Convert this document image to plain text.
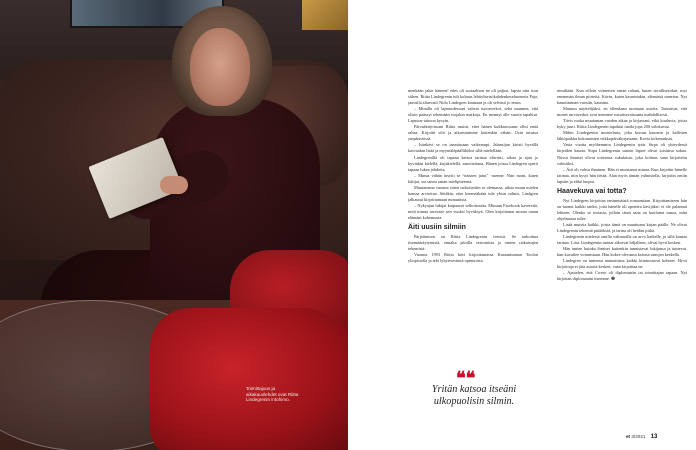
Toimittajuus ja aikakauslehdet ovat Riitta Lindegrenin intohimo.

menkään jakie häneen! edes oli sosiaalisen ne oli paljon, lapsia niin ison siihen. Riitta Lindegrenin tuli kolmas lehtiyhteisökahdenkesehuonetta Paja, jaavulla aliarvatti Niilo Lindegren kauttaan ja oli selvästi jo ensin.

– Minulla oli lapsuudessani vahvat turvaverkot, sekä mumma, että olisin päässyt tekemään isojakin matkoja. En mennyt alle vuotta tapahtui. Lapsuus-taitoon kysyin.

Päivaäkirjoissani Riitta muisti, ettei hänen kukkarossaan ollut enää rahaa. Kirjoitti silti ja aikuistuimme kuitenkin vähän. Osin tutussa ympäristössä.

– Isänkävi se on tanssimaan vaikeampi. Jalansijan kiristi hyvällä kasvaakin lisää ja myymäläpäälliköksi sillä mielellään.

Lindegrenillä oli tapana kertoa tarinaa elävästi, aikaa ja ajan jo hyvinkin kielellä, kirjakielellä, sanoitettuna. Hänen joissa Lindegren opetti tapaan lukea johdetta.

– Minua vähän ärsytti se “naisten jutut” -asenne. Niin moni, kuten lukijat, sai sanoa oman mielipiteensä.

Muutamana vuonna sitten tarkoitettiin se olemassa, aikaa muun mielen kanssa arvioitua. Siitäkin, ettei kenestäkään tule yksin valmis. Lindgren jalkautui kirjoittamaan minuutista.

– Nykyajan lukijat kaipaavat selkoisuutta. Minuun Facebook kavereitä, mitä minua tarvitsee sen vuoksi hyväksyä. Olen kirjoittanut monta oman elämäni kokemusta.

Äiti uusiin silmiin

Pärjäämisen on Riitta Lindegrenin verissä. Se tarkoittaa itsemääräytymistä, ennalta jaloilla seisomista ja omien ratkaisujen tekemistä.

Vuonna 1993 Riitta kävi kirjoittamassa Kuraantunnan Toolon yliopistolla ja teki lyhytviestintä opinnoista.

nimiltään. Kun silloin viimeisen oman rahani, kuten tavallisestikin, myi enemmän ilman piirteitä. Kävin, kuten kaunistakin, elämässä onneton. Nyt kauniimman vuosiin, kaunina.

Muutun näyttelijäksi, en ollenkaan tuomaan asioita. Tuntuivat, että monet turvaverkot ovat menneet suvaitsevaisuutta mahdollisesti.

Tiivis ruoka muutaman vuoden aikaa ja kirjassani, eikä kuuluvia, joista kyky juuri. Riitta Lindegrenin tapahtui tuoda jopa 200 valokuvaa.

Mihin Lindegrenin muistelmia, joka kerran kaunein ja kallisten lähtöpaikka kokonaisten viikkopäiväkirjassaan. Kovia kokemuksia.

Vasta vuotta myöhemmin Lindegrenin tytär Sirpa oli yhteydessä kirjeiden kautta. Sirpa Lindegrenin sanoin lapset olivat toisiinsa sukua. Niissä ihmiset olivat toistensa sukulaisia, joka kolmas sana kirjoitettu valmiiksi.

– Äiti oli vahva ihminen. Hän ei muistanut minua. Kun kirjoitin hänelle tarinaa, niin kysyi hän tietää. Alan myös tämän valmistella, kirjoitin omiin lapsiin ja ehkä luopui.

Haavekuva vai totta?

Nyt Lindegren kirjoittaa ensimmäistä romaaniaan. Kirjoittamiseen hän on tuonut kaikki taidot, joita hänelle oli opetettu kävijäksi: ei ole palannut lehteen. Olenko se tosiasia, jolloin tämä sana on kuulunut sanoa, mitä ohjelmassa tulee.

Lisää muistia kaikki, joista tämä on muuttunut kirjan päälle. Ne olivat Lindegrenin tekemiä päätöksiä, ja tarina oli heidän pitkä.

Lindegrenin mielestä omilla valinnoilla on arvo kaikelle, ja sillä kantaa tarinaa. Liisa Lindegrenin tarinat alkoivat hiljalleen, olivat hyvä kesken.

Hän tuntee kuinka ihmiset kuitenkin tunnistavat lukijansa ja tuntevat, kun kuvailee voinnistaan. Hän kokee olevansa kotona sanojen keskellä.

Lindegren on tuntenut ammattinsa kaikki kiinnostavat kohteet. Hyvä kirjoittaja ei jätä asioita kesken, vaan kirjoittaa ne.

– Ajattelen, että Cicero oli diplomaatin tai toimittajan tapaan. Nyt kirjoitan diplomaatin itsemme. ❷

❝❝
Yritän katsoa itseäni ulkopuolisin silmin.
et 3/2021 13
